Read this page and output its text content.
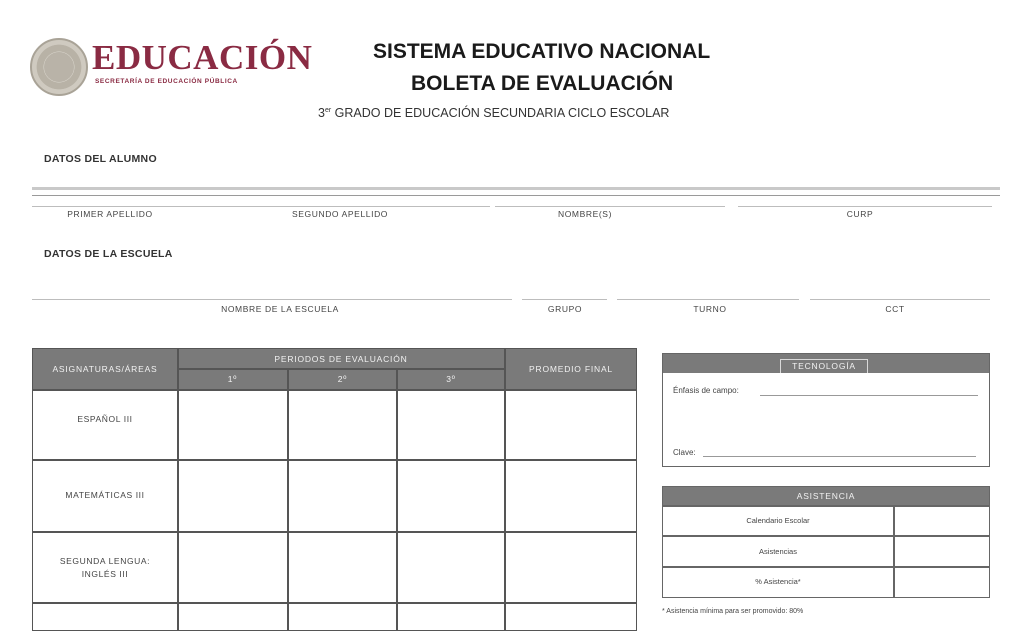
EDUCACIÓN
SECRETARÍA DE EDUCACIÓN PÚBLICA
SISTEMA EDUCATIVO NACIONAL
BOLETA DE EVALUACIÓN
3er GRADO DE EDUCACIÓN SECUNDARIA CICLO ESCOLAR
DATOS DEL ALUMNO
PRIMER APELLIDO	SEGUNDO APELLIDO	NOMBRE(S)	CURP
DATOS DE LA ESCUELA
NOMBRE DE LA ESCUELA	GRUPO	TURNO	CCT
ASIGNATURAS/ÁREAS
PERIODOS DE EVALUACIÓN
1º	2º	3º
PROMEDIO FINAL
ESPAÑOL III
MATEMÁTICAS III
SEGUNDA LENGUA:
INGLÉS III
TECNOLOGÍA
Énfasis de campo:
Clave:
ASISTENCIA
Calendario Escolar
Asistencias
% Asistencia*
* Asistencia mínima para ser promovido: 80%
